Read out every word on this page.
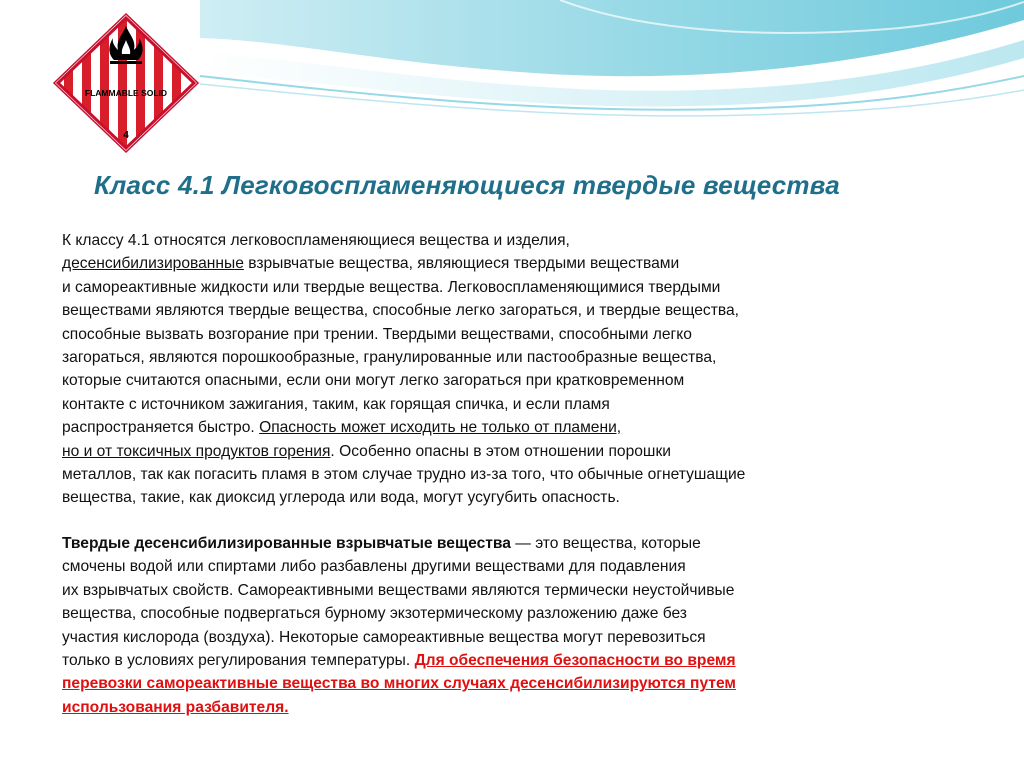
FLAMMABLE SOLID
4
Класс 4.1 Легковоспламеняющиеся твердые вещества
К классу 4.1 относятся легковоспламеняющиеся вещества и изделия,
десенсибилизированные взрывчатые вещества, являющиеся твердыми веществами
и самореактивные жидкости или твердые вещества. Легковоспламеняющимися твердыми
веществами являются твердые вещества, способные легко загораться, и твердые вещества,
способные вызвать возгорание при трении. Твердыми веществами, способными легко
загораться, являются порошкообразные, гранулированные или пастообразные вещества,
которые считаются опасными, если они могут легко загораться при кратковременном
контакте с источником зажигания, таким, как горящая спичка, и если пламя
распространяется быстро. Опасность может исходить не только от пламени,
но и от токсичных продуктов горения. Особенно опасны в этом отношении порошки
металлов, так как погасить пламя в этом случае трудно из-за того, что обычные огнетушащие
вещества, такие, как диоксид углерода или вода, могут усугубить опасность.
Твердые десенсибилизированные взрывчатые вещества — это вещества, которые
смочены водой или спиртами либо разбавлены другими веществами для подавления
их взрывчатых свойств. Самореактивными веществами являются термически неустойчивые
вещества, способные подвергаться бурному экзотермическому разложению даже без
участия кислорода (воздуха). Некоторые самореактивные вещества могут перевозиться
только в условиях регулирования температуры. Для обеспечения безопасности во время
перевозки самореактивные вещества во многих случаях десенсибилизируются путем
использования разбавителя.
